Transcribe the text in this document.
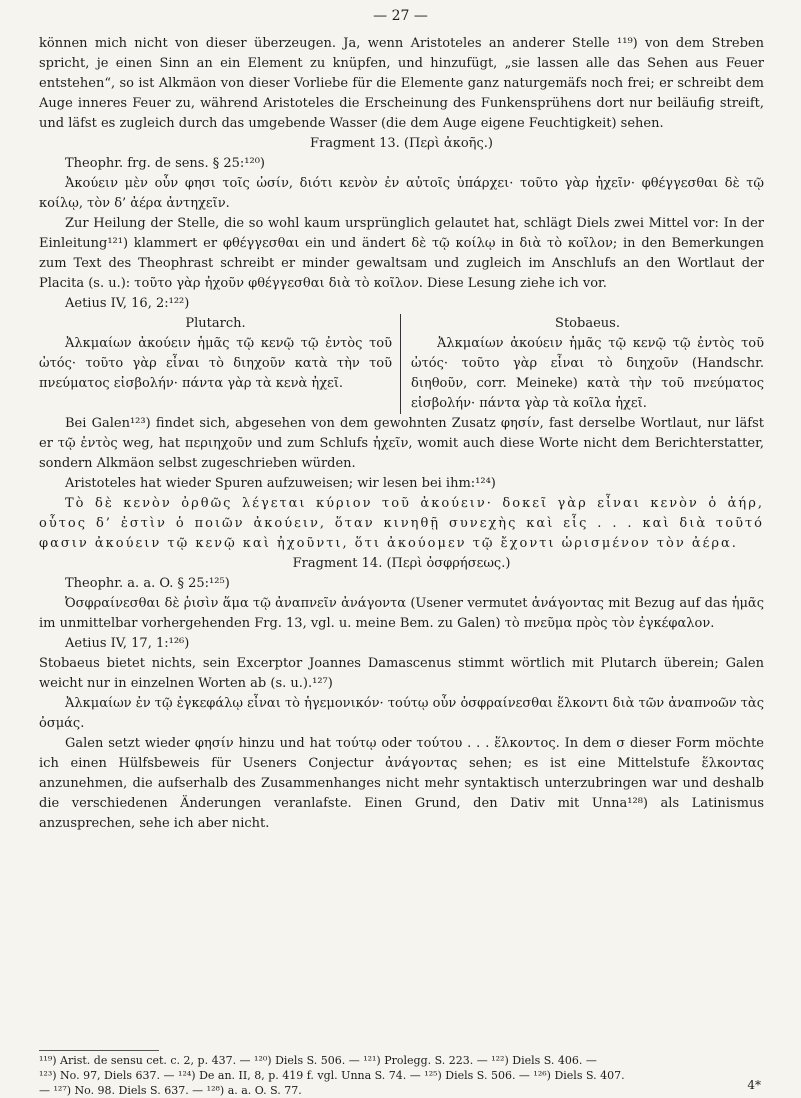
— 27 —

können mich nicht von dieser überzeugen. Ja, wenn Aristoteles an anderer Stelle ¹¹⁹) von dem Streben spricht, je einen Sinn an ein Element zu knüpfen, und hinzufügt, „sie lassen alle das Sehen aus Feuer entstehen“, so ist Alkmäon von dieser Vorliebe für die Elemente ganz naturgemäfs noch frei; er schreibt dem Auge inneres Feuer zu, während Aristoteles die Erscheinung des Funkensprühens dort nur beiläufig streift, und läfst es zugleich durch das umgebende Wasser (die dem Auge eigene Feuchtigkeit) sehen.

Fragment 13. (Περὶ ἀκοῆς.)

Theophr. frg. de sens. § 25:¹²⁰)

Ἀκούειν μὲν οὖν φησι τοῖς ὠσίν, διότι κενὸν ἐν αὐτοῖς ὑπάρχει· τοῦτο γὰρ ἠχεῖν· φθέγγεσθαι δὲ τῷ κοίλῳ, τὸν δ’ ἀέρα ἀντηχεῖν.

Zur Heilung der Stelle, die so wohl kaum ursprünglich gelautet hat, schlägt Diels zwei Mittel vor: In der Einleitung¹²¹) klammert er φθέγγεσθαι ein und ändert δὲ τῷ κοίλῳ in διὰ τὸ κοῖλον; in den Bemerkungen zum Text des Theophrast schreibt er minder gewaltsam und zugleich im Anschlufs an den Wortlaut der Placita (s. u.): τοῦτο γὰρ ἠχοῦν φθέγγεσθαι διὰ τὸ κοῖλον. Diese Lesung ziehe ich vor.

Aetius IV, 16, 2:¹²²)

Plutarch.

Ἀλκμαίων ἀκούειν ἡμᾶς τῷ κενῷ τῷ ἐντὸς τοῦ ὠτός· τοῦτο γὰρ εἶναι τὸ διηχοῦν κατὰ τὴν τοῦ πνεύματος εἰσβολήν· πάντα γὰρ τὰ κενὰ ἠχεῖ.

Stobaeus.

Ἀλκμαίων ἀκούειν ἡμᾶς τῷ κενῷ τῷ ἐντὸς τοῦ ὠτός· τοῦτο γὰρ εἶναι τὸ διηχοῦν (Handschr. διηθοῦν, corr. Meineke) κατὰ τὴν τοῦ πνεύματος εἰσβολήν· πάντα γὰρ τὰ κοῖλα ἠχεῖ.

Bei Galen¹²³) findet sich, abgesehen von dem gewohnten Zusatz φησίν, fast derselbe Wortlaut, nur läfst er τῷ ἐντὸς weg, hat περιηχοῦν und zum Schlufs ἠχεῖν, womit auch diese Worte nicht dem Berichterstatter, sondern Alkmäon selbst zugeschrieben würden.

Aristoteles hat wieder Spuren aufzuweisen; wir lesen bei ihm:¹²⁴)

Τὸ δὲ κενὸν ὀρθῶς λέγεται κύριον τοῦ ἀκούειν· δοκεῖ γὰρ εἶναι κενὸν ὁ ἀήρ, οὗτος δ’ ἐστὶν ὁ ποιῶν ἀκούειν, ὅταν κινηθῇ συνεχὴς καὶ εἷς . . . καὶ διὰ τοῦτό φασιν ἀκούειν τῷ κενῷ καὶ ἠχοῦντι, ὅτι ἀκούομεν τῷ ἔχοντι ὡρισμένον τὸν ἀέρα.

Fragment 14. (Περὶ ὀσφρήσεως.)

Theophr. a. a. O. § 25:¹²⁵)

Ὀσφραίνεσθαι δὲ ῥισὶν ἅμα τῷ ἀναπνεῖν ἀνάγοντα (Usener vermutet ἀνάγοντας mit Bezug auf das ἡμᾶς im unmittelbar vorhergehenden Frg. 13, vgl. u. meine Bem. zu Galen) τὸ πνεῦμα πρὸς τὸν ἐγκέφαλον.

Aetius IV, 17, 1:¹²⁶)

Stobaeus bietet nichts, sein Excerptor Joannes Damascenus stimmt wörtlich mit Plutarch überein; Galen weicht nur in einzelnen Worten ab (s. u.).¹²⁷)

Ἀλκμαίων ἐν τῷ ἐγκεφάλῳ εἶναι τὸ ἡγεμονικόν· τούτῳ οὖν ὀσφραίνεσθαι ἕλκοντι διὰ τῶν ἀναπνοῶν τὰς ὀσμάς.

Galen setzt wieder φησίν hinzu und hat τούτῳ oder τούτου . . . ἕλκοντος. In dem σ dieser Form möchte ich einen Hülfsbeweis für Useners Conjectur ἀνάγοντας sehen; es ist eine Mittelstufe ἕλκοντας anzunehmen, die aufserhalb des Zusammenhanges nicht mehr syntaktisch unterzubringen war und deshalb die verschiedenen Änderungen veranlafste. Einen Grund, den Dativ mit Unna¹²⁸) als Latinismus anzusprechen, sehe ich aber nicht.

¹¹⁹) Arist. de sensu cet. c. 2, p. 437. — ¹²⁰) Diels S. 506. — ¹²¹) Prolegg. S. 223. — ¹²²) Diels S. 406. —

¹²³) No. 97, Diels 637. — ¹²⁴) De an. II, 8, p. 419 f. vgl. Unna S. 74. — ¹²⁵) Diels S. 506. — ¹²⁶) Diels S. 407.

— ¹²⁷) No. 98. Diels S. 637. — ¹²⁸) a. a. O. S. 77.	4*
